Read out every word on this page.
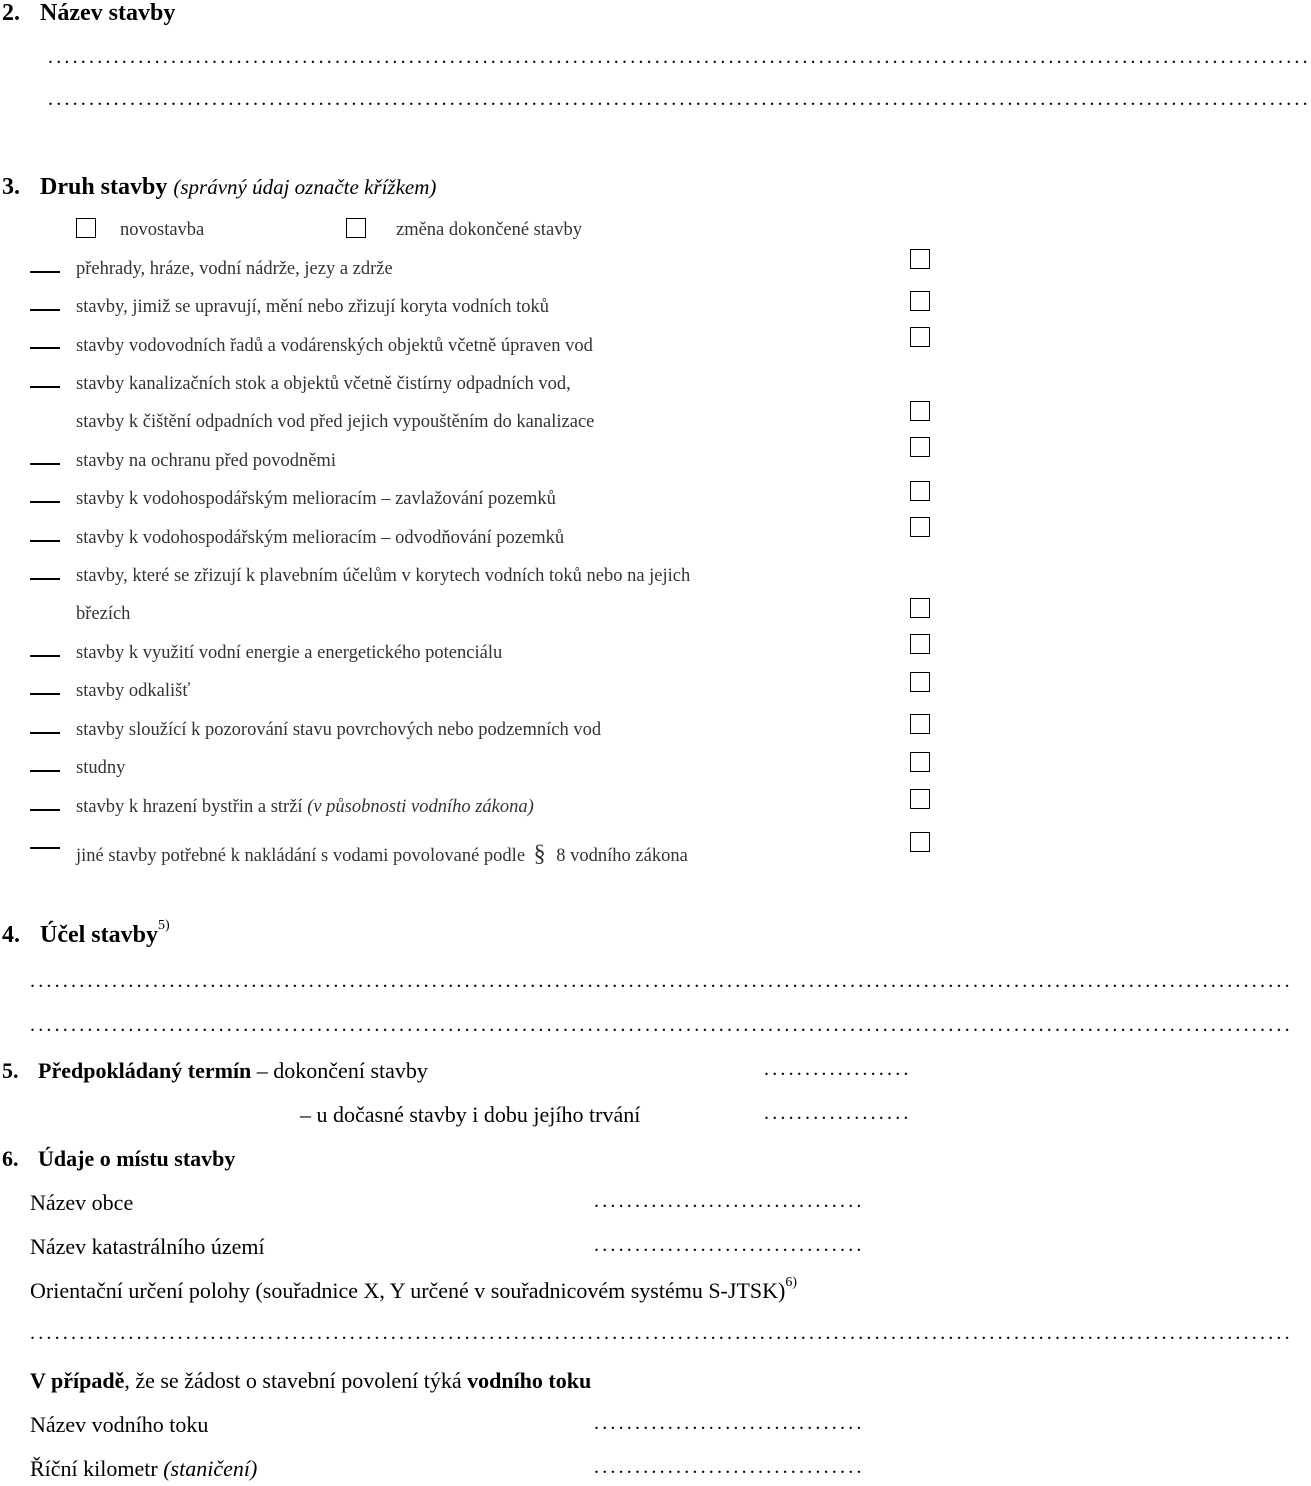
2. Název stavby
..........................................................................................................................................................
..........................................................................................................................................................
3. Druh stavby (správný údaj označte křížkem)
novostavba	změna dokončené stavby
přehrady, hráze, vodní nádrže, jezy a zdrže
stavby, jimiž se upravují, mění nebo zřizují koryta vodních toků
stavby vodovodních řadů a vodárenských objektů včetně úpraven vod
stavby kanalizačních stok a objektů včetně čistírny odpadních vod,
stavby k čištění odpadních vod před jejich vypouštěním do kanalizace
stavby na ochranu před povodněmi
stavby k vodohospodářským melioracím – zavlažování pozemků
stavby k vodohospodářským melioracím – odvodňování pozemků
stavby, které se zřizují k plavebním účelům v korytech vodních toků nebo na jejich
březích
stavby k využití vodní energie a energetického potenciálu
stavby odkališť
stavby sloužící k pozorování stavu povrchových nebo podzemních vod
studny
stavby k hrazení bystřin a strží (v působnosti vodního zákona)
jiné stavby potřebné k nakládání s vodami povolované podle § 8 vodního zákona
4. Účel stavby$^{5)}$
..........................................................................................................................................................
..........................................................................................................................................................
5. Předpokládaný termín – dokončení stavby	..................
– u dočasné stavby i dobu jejího trvání	..................
6. Údaje o místu stavby
Název obce	.................................
Název katastrálního území	.................................
Orientační určení polohy (souřadnice X, Y určené v souřadnicovém systému S-JTSK)$^{6)}$
..........................................................................................................................................................
V případě, že se žádost o stavební povolení týká vodního toku
Název vodního toku	.................................
Říční kilometr (staničení)	.................................
